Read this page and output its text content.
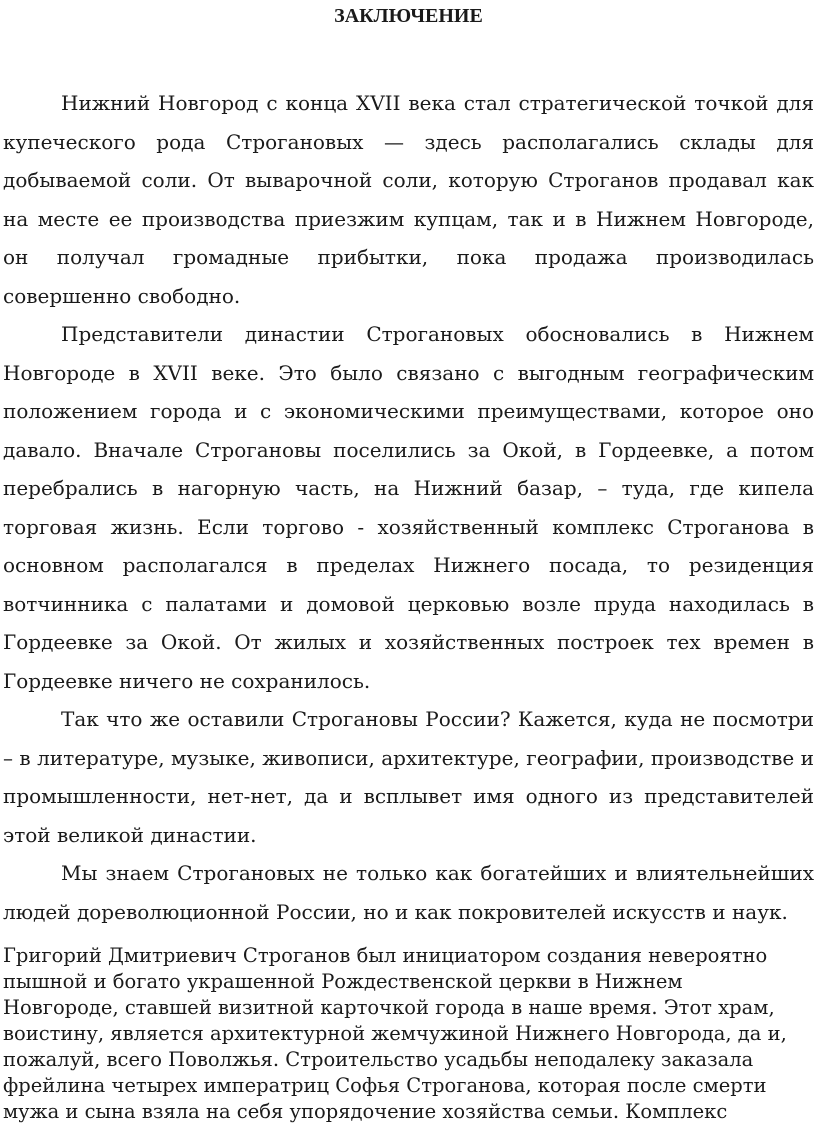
ЗАКЛЮЧЕНИЕ

Нижний Новгород с конца XVII века стал стратегической точкой для купеческого рода Строгановых — здесь располагались склады для добываемой соли. От выварочной соли, которую Строганов продавал как на месте ее производства приезжим купцам, так и в Нижнем Новгороде, он получал громадные прибытки, пока продажа производилась совершенно свободно.

Представители династии Строгановых обосновались в Нижнем Новгороде в XVII веке. Это было связано с выгодным географическим положением города и с экономическими преимуществами, которое оно давало. Вначале Строгановы поселились за Окой, в Гордеевке, а потом перебрались в нагорную часть, на Нижний базар, – туда, где кипела торговая жизнь. Если торгово - хозяйственный комплекс Строганова в основном располагался в пределах Нижнего посада, то резиденция вотчинника с палатами и домовой церковью возле пруда находилась в Гордеевке за Окой. От жилых и хозяйственных построек тех времен в Гордеевке ничего не сохранилось.

Так что же оставили Строгановы России? Кажется, куда не посмотри – в литературе, музыке, живописи, архитектуре, географии, производстве и промышленности, нет-нет, да и всплывет имя одного из представителей этой великой династии.

Мы знаем Строгановых не только как богатейших и влиятельнейших людей дореволюционной России, но и как покровителей искусств и наук.

Григорий Дмитриевич Строганов был инициатором создания невероятно
пышной и богато украшенной Рождественской церкви в Нижнем
Новгороде, ставшей визитной карточкой города в наше время. Этот храм,
воистину, является архитектурной жемчужиной Нижнего Новгорода, да и,
пожалуй, всего Поволжья. Строительство усадьбы неподалеку заказала
фрейлина четырех императриц Софья Строганова, которая после смерти
мужа и сына взяла на себя упорядочение хозяйства семьи. Комплекс
